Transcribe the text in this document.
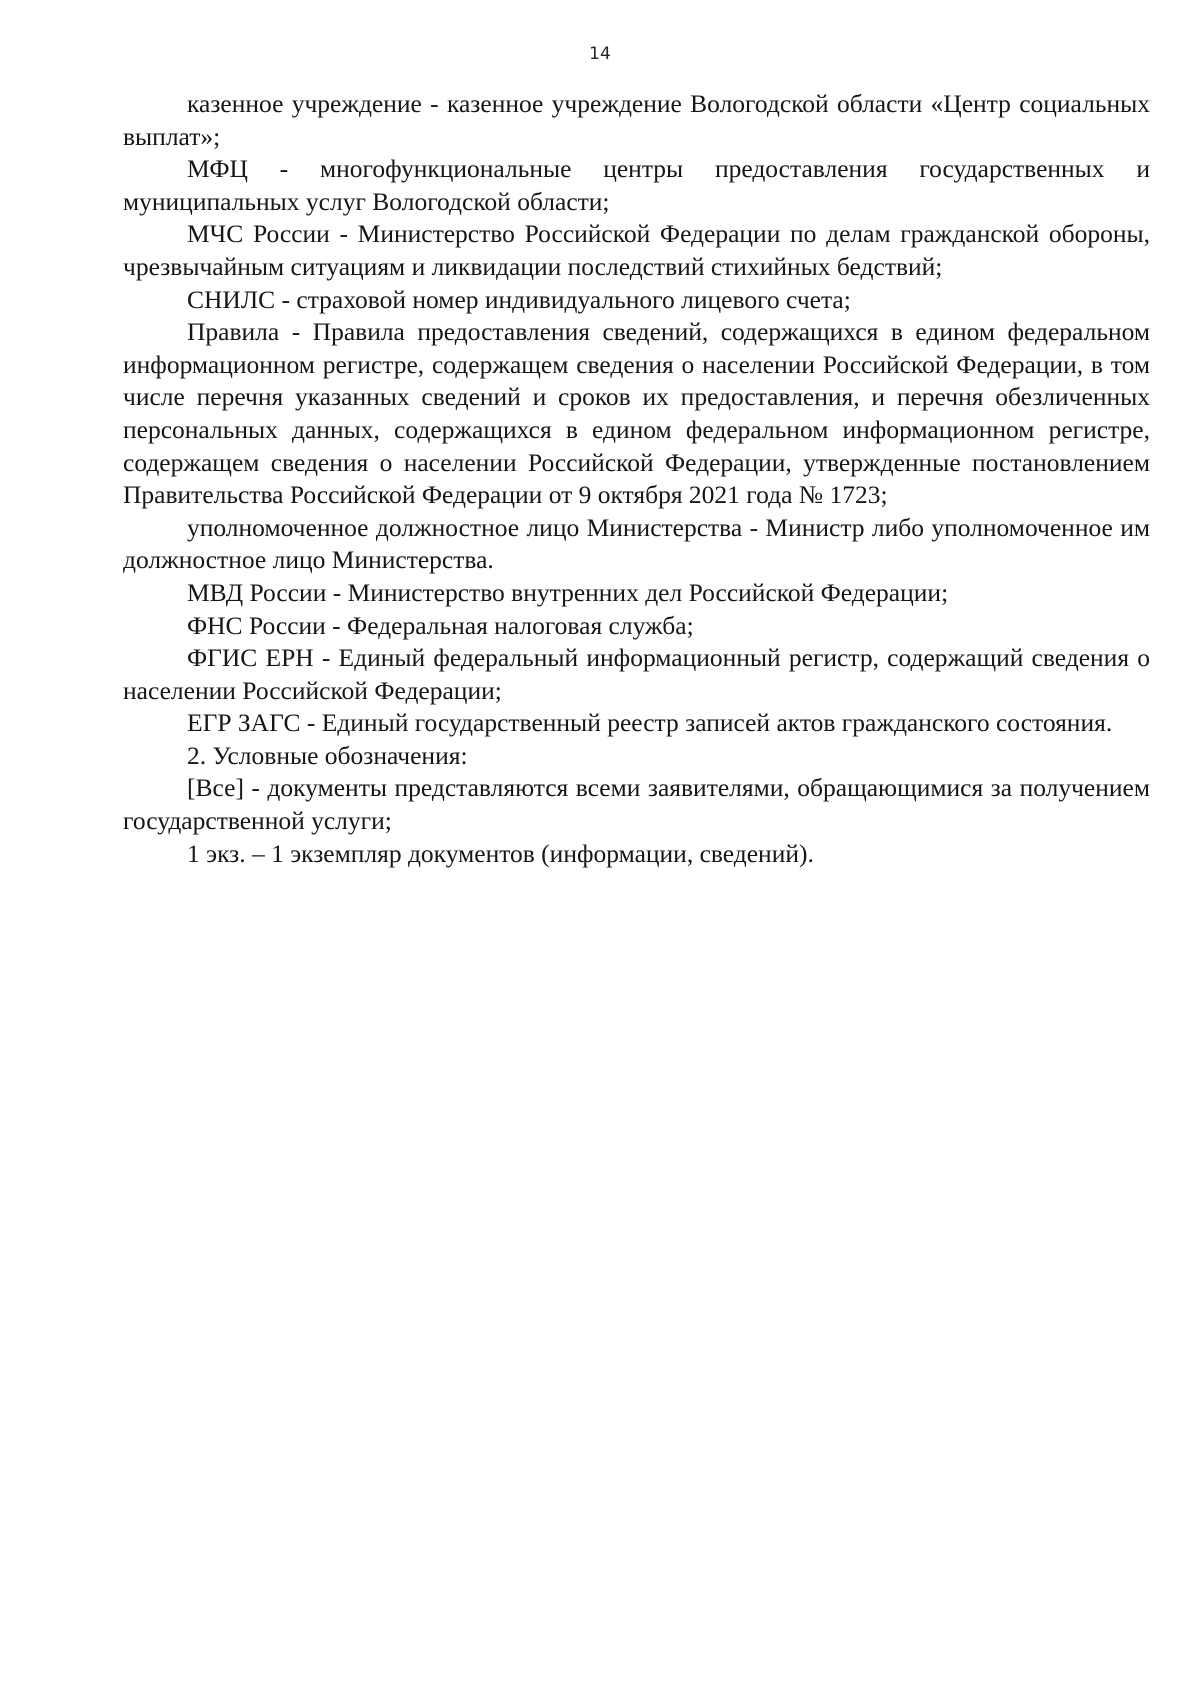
14

казенное учреждение - казенное учреждение Вологодской области «Центр социальных выплат»;

МФЦ - многофункциональные центры предоставления государственных и муниципальных услуг Вологодской области;

МЧС России - Министерство Российской Федерации по делам гражданской обороны, чрезвычайным ситуациям и ликвидации последствий стихийных бедствий;

СНИЛС - страховой номер индивидуального лицевого счета;

Правила - Правила предоставления сведений, содержащихся в едином федеральном информационном регистре, содержащем сведения о населении Российской Федерации, в том числе перечня указанных сведений и сроков их предоставления, и перечня обезличенных персональных данных, содержащихся в едином федеральном информационном регистре, содержащем сведения о населении Российской Федерации, утвержденные постановлением Правительства Российской Федерации от 9 октября 2021 года № 1723;

уполномоченное должностное лицо Министерства - Министр либо уполномоченное им должностное лицо Министерства.

МВД России - Министерство внутренних дел Российской Федерации;

ФНС России - Федеральная налоговая служба;

ФГИС ЕРН - Единый федеральный информационный регистр, содержащий сведения о населении Российской Федерации;

ЕГР ЗАГС - Единый государственный реестр записей актов гражданского состояния.

2. Условные обозначения:

[Все] - документы представляются всеми заявителями, обращающимися за получением государственной услуги;

1 экз. – 1 экземпляр документов (информации, сведений).
